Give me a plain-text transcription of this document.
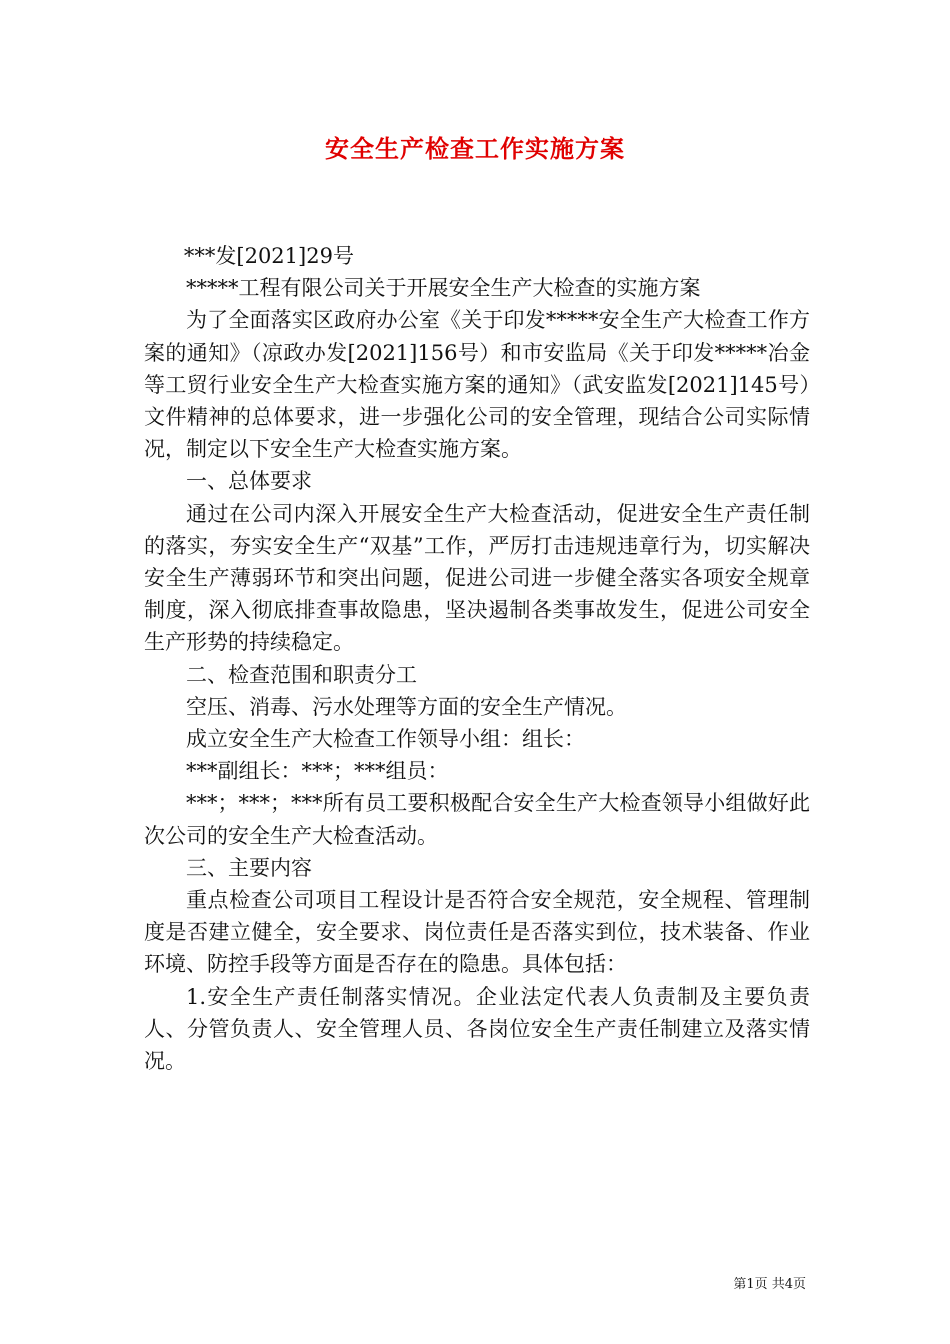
安全生产检查工作实施方案

***发[2021]29号

*****工程有限公司关于开展安全生产大检查的实施方案

为了全面落实区政府办公室《关于印发*****安全生产大检查工作方案的通知》（凉政办发[2021]156号）和市安监局《关于印发*****冶金等工贸行业安全生产大检查实施方案的通知》（武安监发[2021]145号）文件精神的总体要求，进一步强化公司的安全管理，现结合公司实际情况，制定以下安全生产大检查实施方案。

一、总体要求

通过在公司内深入开展安全生产大检查活动，促进安全生产责任制的落实，夯实安全生产“双基”工作，严厉打击违规违章行为，切实解决安全生产薄弱环节和突出问题，促进公司进一步健全落实各项安全规章制度，深入彻底排查事故隐患，坚决遏制各类事故发生，促进公司安全生产形势的持续稳定。

二、检查范围和职责分工

空压、消毒、污水处理等方面的安全生产情况。

成立安全生产大检查工作领导小组：组长：

***副组长：***；***组员：

***；***；***所有员工要积极配合安全生产大检查领导小组做好此次公司的安全生产大检查活动。

三、主要内容

重点检查公司项目工程设计是否符合安全规范，安全规程、管理制度是否建立健全，安全要求、岗位责任是否落实到位，技术装备、作业环境、防控手段等方面是否存在的隐患。具体包括：

1.安全生产责任制落实情况。企业法定代表人负责制及主要负责人、分管负责人、安全管理人员、各岗位安全生产责任制建立及落实情况。

第1页 共4页
